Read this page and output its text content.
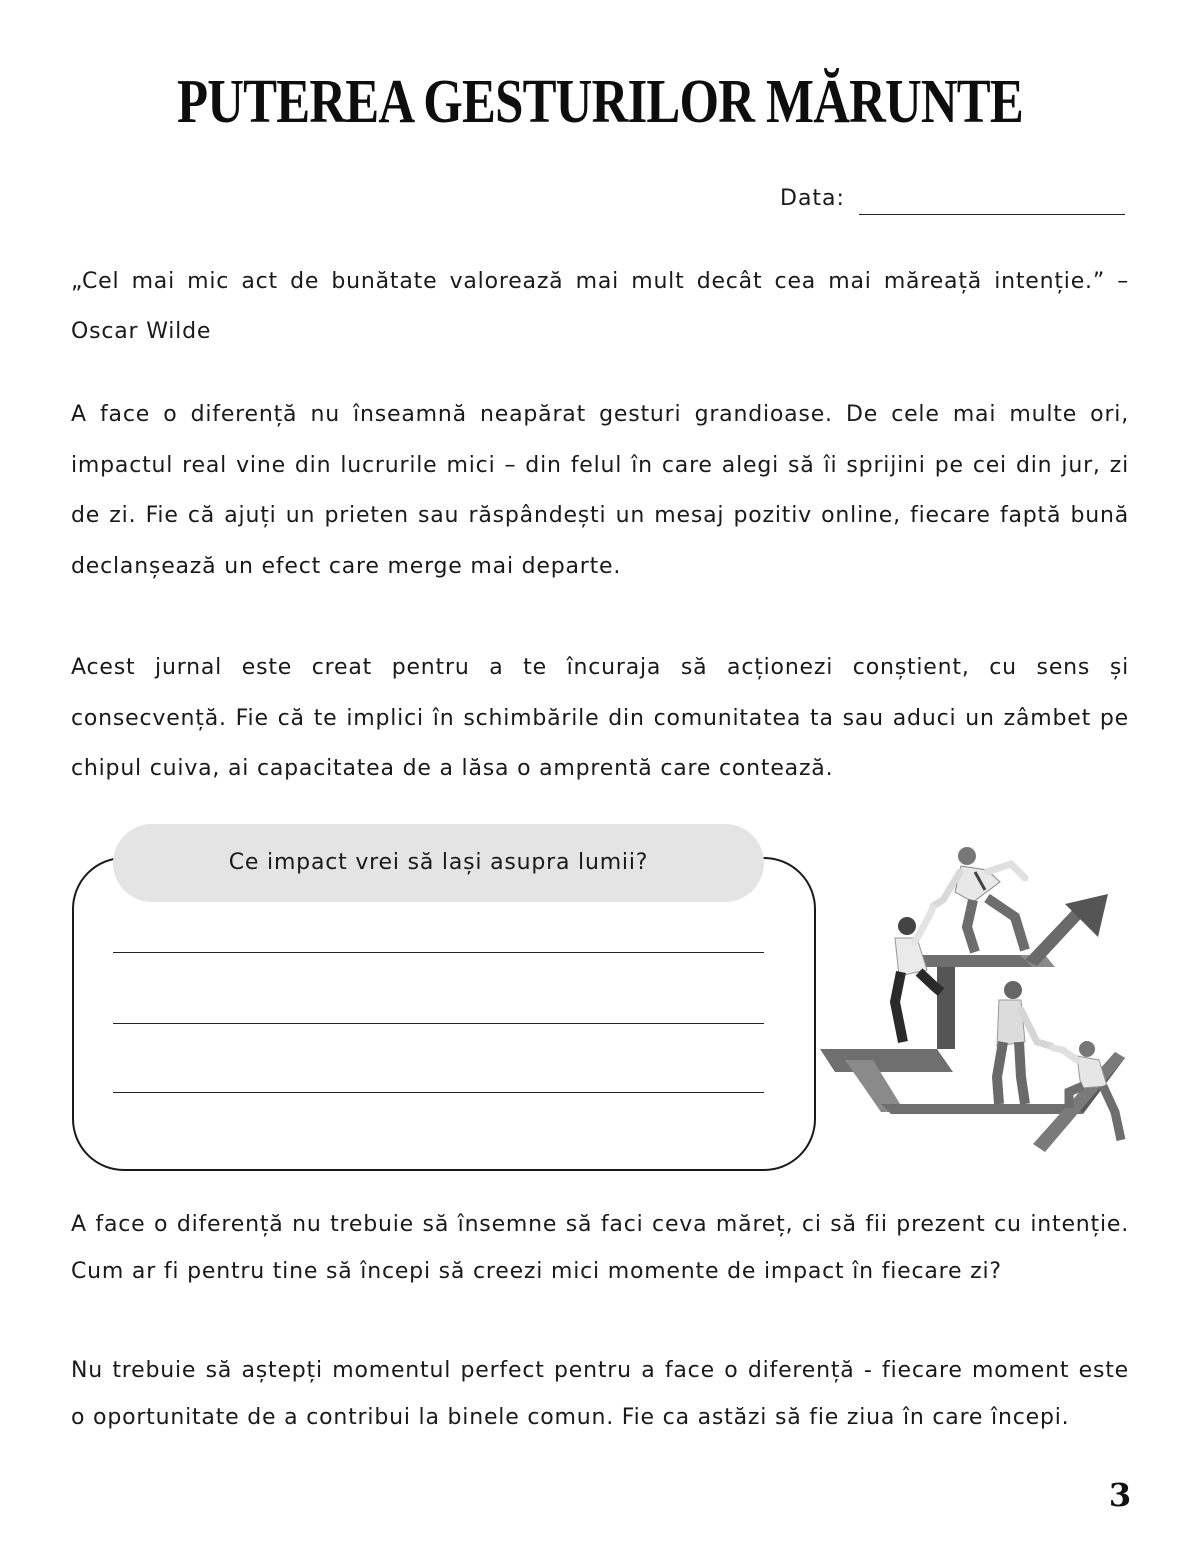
PUTEREA GESTURILOR MĂRUNTE
Data:
„Cel mai mic act de bunătate valorează mai mult decât cea mai măreață intenție.” – Oscar Wilde
A face o diferență nu înseamnă neapărat gesturi grandioase. De cele mai multe ori, impactul real vine din lucrurile mici – din felul în care alegi să îi sprijini pe cei din jur, zi de zi. Fie că ajuți un prieten sau răspândești un mesaj pozitiv online, fiecare faptă bună declanșează un efect care merge mai departe.
Acest jurnal este creat pentru a te încuraja să acționezi conștient, cu sens și consecvență. Fie că te implici în schimbările din comunitatea ta sau aduci un zâmbet pe chipul cuiva, ai capacitatea de a lăsa o amprentă care contează.
Ce impact vrei să lași asupra lumii?
A face o diferență nu trebuie să însemne să faci ceva măreț, ci să fii prezent cu intenție. Cum ar fi pentru tine să începi să creezi mici momente de impact în fiecare zi?
Nu trebuie să aștepți momentul perfect pentru a face o diferență - fiecare moment este o oportunitate de a contribui la binele comun. Fie ca astăzi să fie ziua în care începi.
3
